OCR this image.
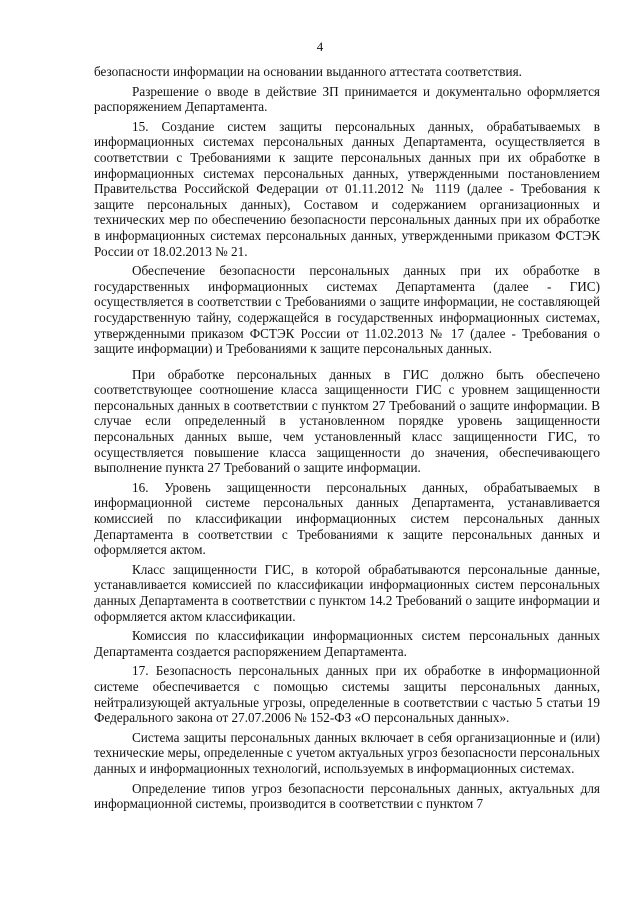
4

безопасности информации на основании выданного аттестата соответствия.

Разрешение о вводе в действие ЗП принимается и документально оформляется распоряжением Департамента.

15. Создание систем защиты персональных данных, обрабатываемых в информационных системах персональных данных Департамента, осуществляется в соответствии с Требованиями к защите персональных данных при их обработке в информационных системах персональных данных, утвержденными постановлением Правительства Российской Федерации от 01.11.2012 № 1119 (далее - Требования к защите персональных данных), Составом и содержанием организационных и технических мер по обеспечению безопасности персональных данных при их обработке в информационных системах персональных данных, утвержденными приказом ФСТЭК России от 18.02.2013 № 21.

Обеспечение безопасности персональных данных при их обработке в государственных информационных системах Департамента (далее - ГИС) осуществляется в соответствии с Требованиями о защите информации, не составляющей государственную тайну, содержащейся в государственных информационных системах, утвержденными приказом ФСТЭК России от 11.02.2013 № 17 (далее - Требования о защите информации) и Требованиями к защите персональных данных.

При обработке персональных данных в ГИС должно быть обеспечено соответствующее соотношение класса защищенности ГИС с уровнем защищенности персональных данных в соответствии с пунктом 27 Требований о защите информации. В случае если определенный в установленном порядке уровень защищенности персональных данных выше, чем установленный класс защищенности ГИС, то осуществляется повышение класса защищенности до значения, обеспечивающего выполнение пункта 27 Требований о защите информации.

16. Уровень защищенности персональных данных, обрабатываемых в информационной системе персональных данных Департамента, устанавливается комиссией по классификации информационных систем персональных данных Департамента в соответствии с Требованиями к защите персональных данных и оформляется актом.

Класс защищенности ГИС, в которой обрабатываются персональные данные, устанавливается комиссией по классификации информационных систем персональных данных Департамента в соответствии с пунктом 14.2 Требований о защите информации и оформляется актом классификации.

Комиссия по классификации информационных систем персональных данных Департамента создается распоряжением Департамента.

17. Безопасность персональных данных при их обработке в информационной системе обеспечивается с помощью системы защиты персональных данных, нейтрализующей актуальные угрозы, определенные в соответствии с частью 5 статьи 19 Федерального закона от 27.07.2006 № 152-ФЗ «О персональных данных».

Система защиты персональных данных включает в себя организационные и (или) технические меры, определенные с учетом актуальных угроз безопасности персональных данных и информационных технологий, используемых в информационных системах.

Определение типов угроз безопасности персональных данных, актуальных для информационной системы, производится в соответствии с пунктом 7
